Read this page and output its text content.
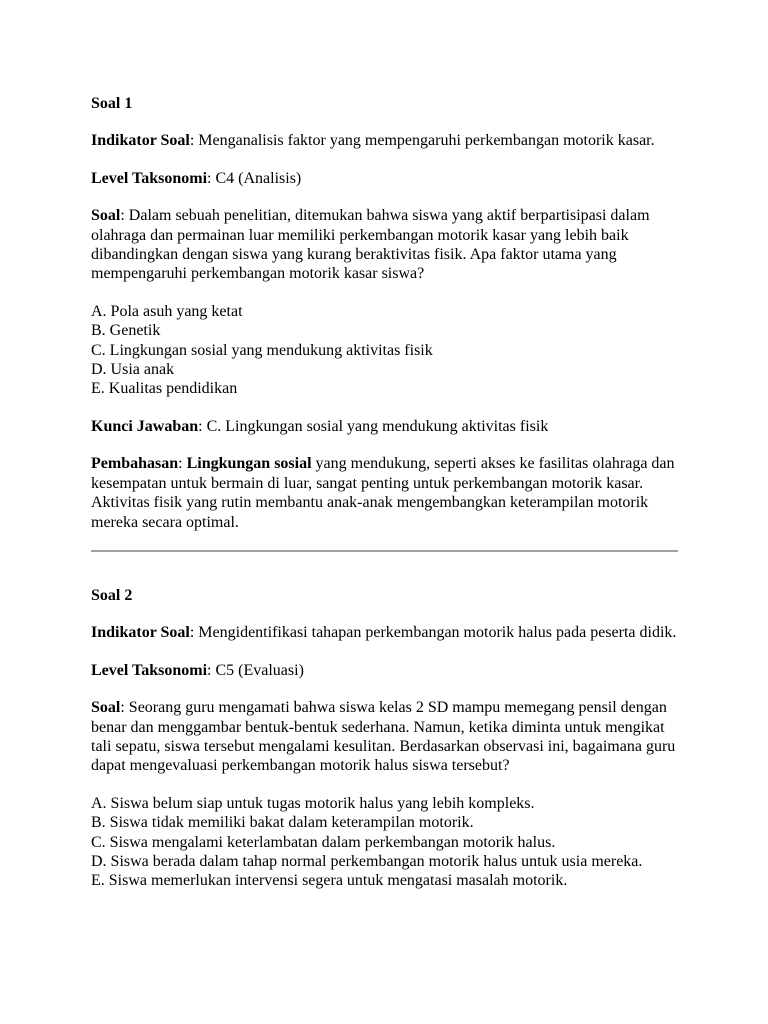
Soal 1

Indikator Soal: Menganalisis faktor yang mempengaruhi perkembangan motorik kasar.

Level Taksonomi: C4 (Analisis)

Soal: Dalam sebuah penelitian, ditemukan bahwa siswa yang aktif berpartisipasi dalam olahraga dan permainan luar memiliki perkembangan motorik kasar yang lebih baik dibandingkan dengan siswa yang kurang beraktivitas fisik. Apa faktor utama yang mempengaruhi perkembangan motorik kasar siswa?

A. Pola asuh yang ketat
B. Genetik
C. Lingkungan sosial yang mendukung aktivitas fisik
D. Usia anak
E. Kualitas pendidikan

Kunci Jawaban: C. Lingkungan sosial yang mendukung aktivitas fisik

Pembahasan: Lingkungan sosial yang mendukung, seperti akses ke fasilitas olahraga dan kesempatan untuk bermain di luar, sangat penting untuk perkembangan motorik kasar. Aktivitas fisik yang rutin membantu anak-anak mengembangkan keterampilan motorik mereka secara optimal.

Soal 2

Indikator Soal: Mengidentifikasi tahapan perkembangan motorik halus pada peserta didik.

Level Taksonomi: C5 (Evaluasi)

Soal: Seorang guru mengamati bahwa siswa kelas 2 SD mampu memegang pensil dengan benar dan menggambar bentuk-bentuk sederhana. Namun, ketika diminta untuk mengikat tali sepatu, siswa tersebut mengalami kesulitan. Berdasarkan observasi ini, bagaimana guru dapat mengevaluasi perkembangan motorik halus siswa tersebut?

A. Siswa belum siap untuk tugas motorik halus yang lebih kompleks.
B. Siswa tidak memiliki bakat dalam keterampilan motorik.
C. Siswa mengalami keterlambatan dalam perkembangan motorik halus.
D. Siswa berada dalam tahap normal perkembangan motorik halus untuk usia mereka.
E. Siswa memerlukan intervensi segera untuk mengatasi masalah motorik.
